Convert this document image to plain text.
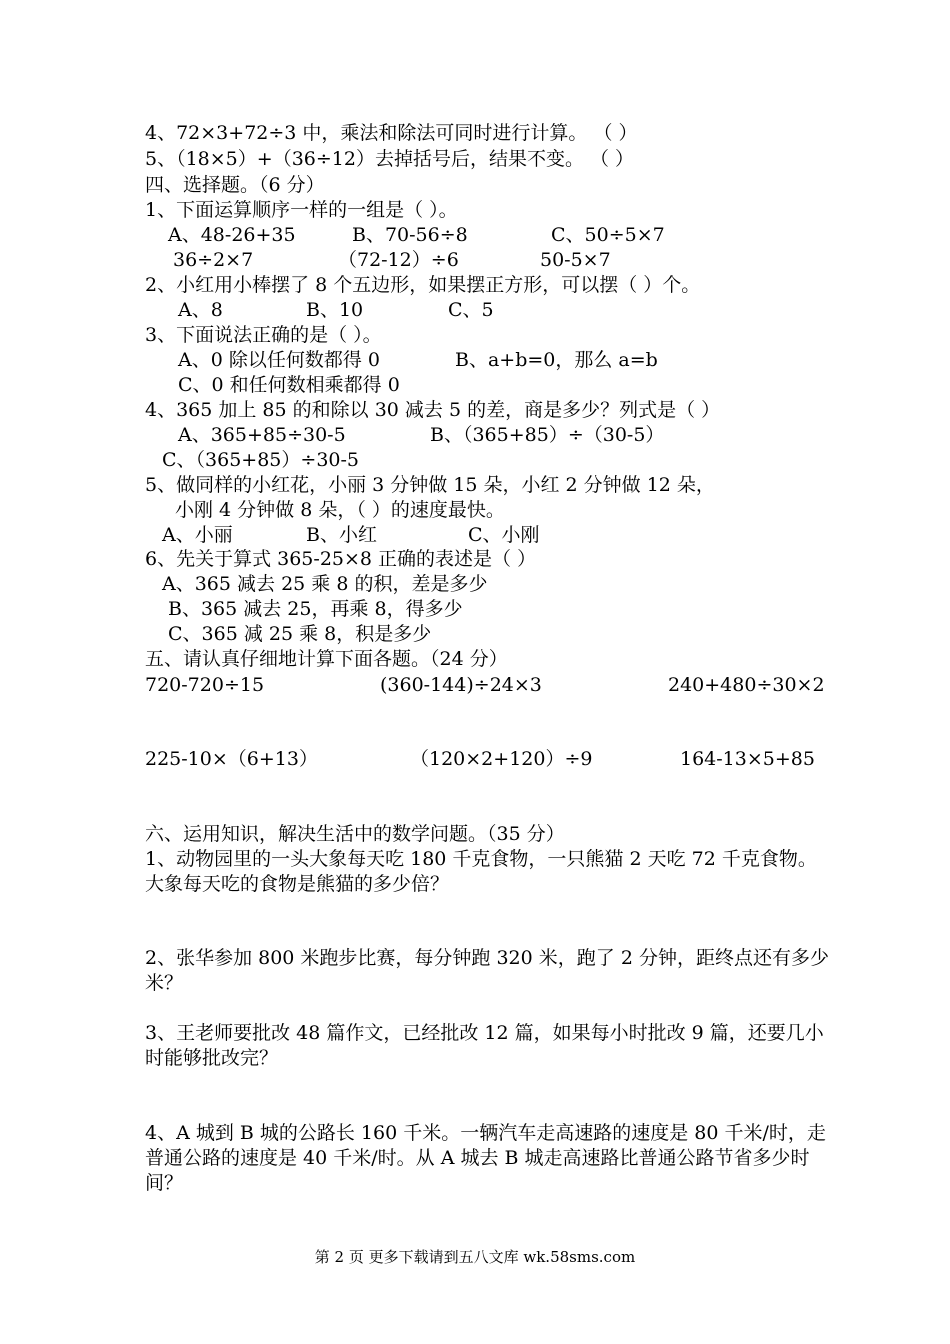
4、72×3+72÷3 中，乘法和除法可同时进行计算。 （ ）
5、（18×5）+（36÷12）去掉括号后，结果不变。 （ ）
四、选择题。（6 分）
1、下面运算顺序一样的一组是（ ）。
A、48-26+35	B、70-56÷8	C、50÷5×7
36÷2×7	（72-12）÷6	50-5×7
2、小红用小棒摆了 8 个五边形，如果摆正方形，可以摆（ ）个。
A、8	B、10	C、5
3、下面说法正确的是（ ）。
A、0 除以任何数都得 0	B、a+b=0，那么 a=b
C、0 和任何数相乘都得 0
4、365 加上 85 的和除以 30 减去 5 的差，商是多少？列式是（ ）
A、365+85÷30-5	B、（365+85）÷（30-5）
C、（365+85）÷30-5
5、做同样的小红花，小丽 3 分钟做 15 朵，小红 2 分钟做 12 朵，
小刚 4 分钟做 8 朵，（ ）的速度最快。
A、小丽	B、小红	C、小刚
6、先关于算式 365-25×8 正确的表述是（ ）
A、365 减去 25 乘 8 的积，差是多少
B、365 减去 25，再乘 8，得多少
C、365 减 25 乘 8，积是多少
五、请认真仔细地计算下面各题。（24 分）
720-720÷15	(360-144)÷24×3	240+480÷30×2
225-10×（6+13）	（120×2+120）÷9	164-13×5+85
六、运用知识，解决生活中的数学问题。（35 分）
1、动物园里的一头大象每天吃 180 千克食物，一只熊猫 2 天吃 72 千克食物。大象每天吃的食物是熊猫的多少倍？
2、张华参加 800 米跑步比赛，每分钟跑 320 米，跑了 2 分钟，距终点还有多少米？
3、王老师要批改 48 篇作文，已经批改 12 篇，如果每小时批改 9 篇，还要几小时能够批改完？
4、A 城到 B 城的公路长 160 千米。一辆汽车走高速路的速度是 80 千米/时，走普通公路的速度是 40 千米/时。从 A 城去 B 城走高速路比普通公路节省多少时间？
第 2 页 更多下载请到五八文库 wk.58sms.com
